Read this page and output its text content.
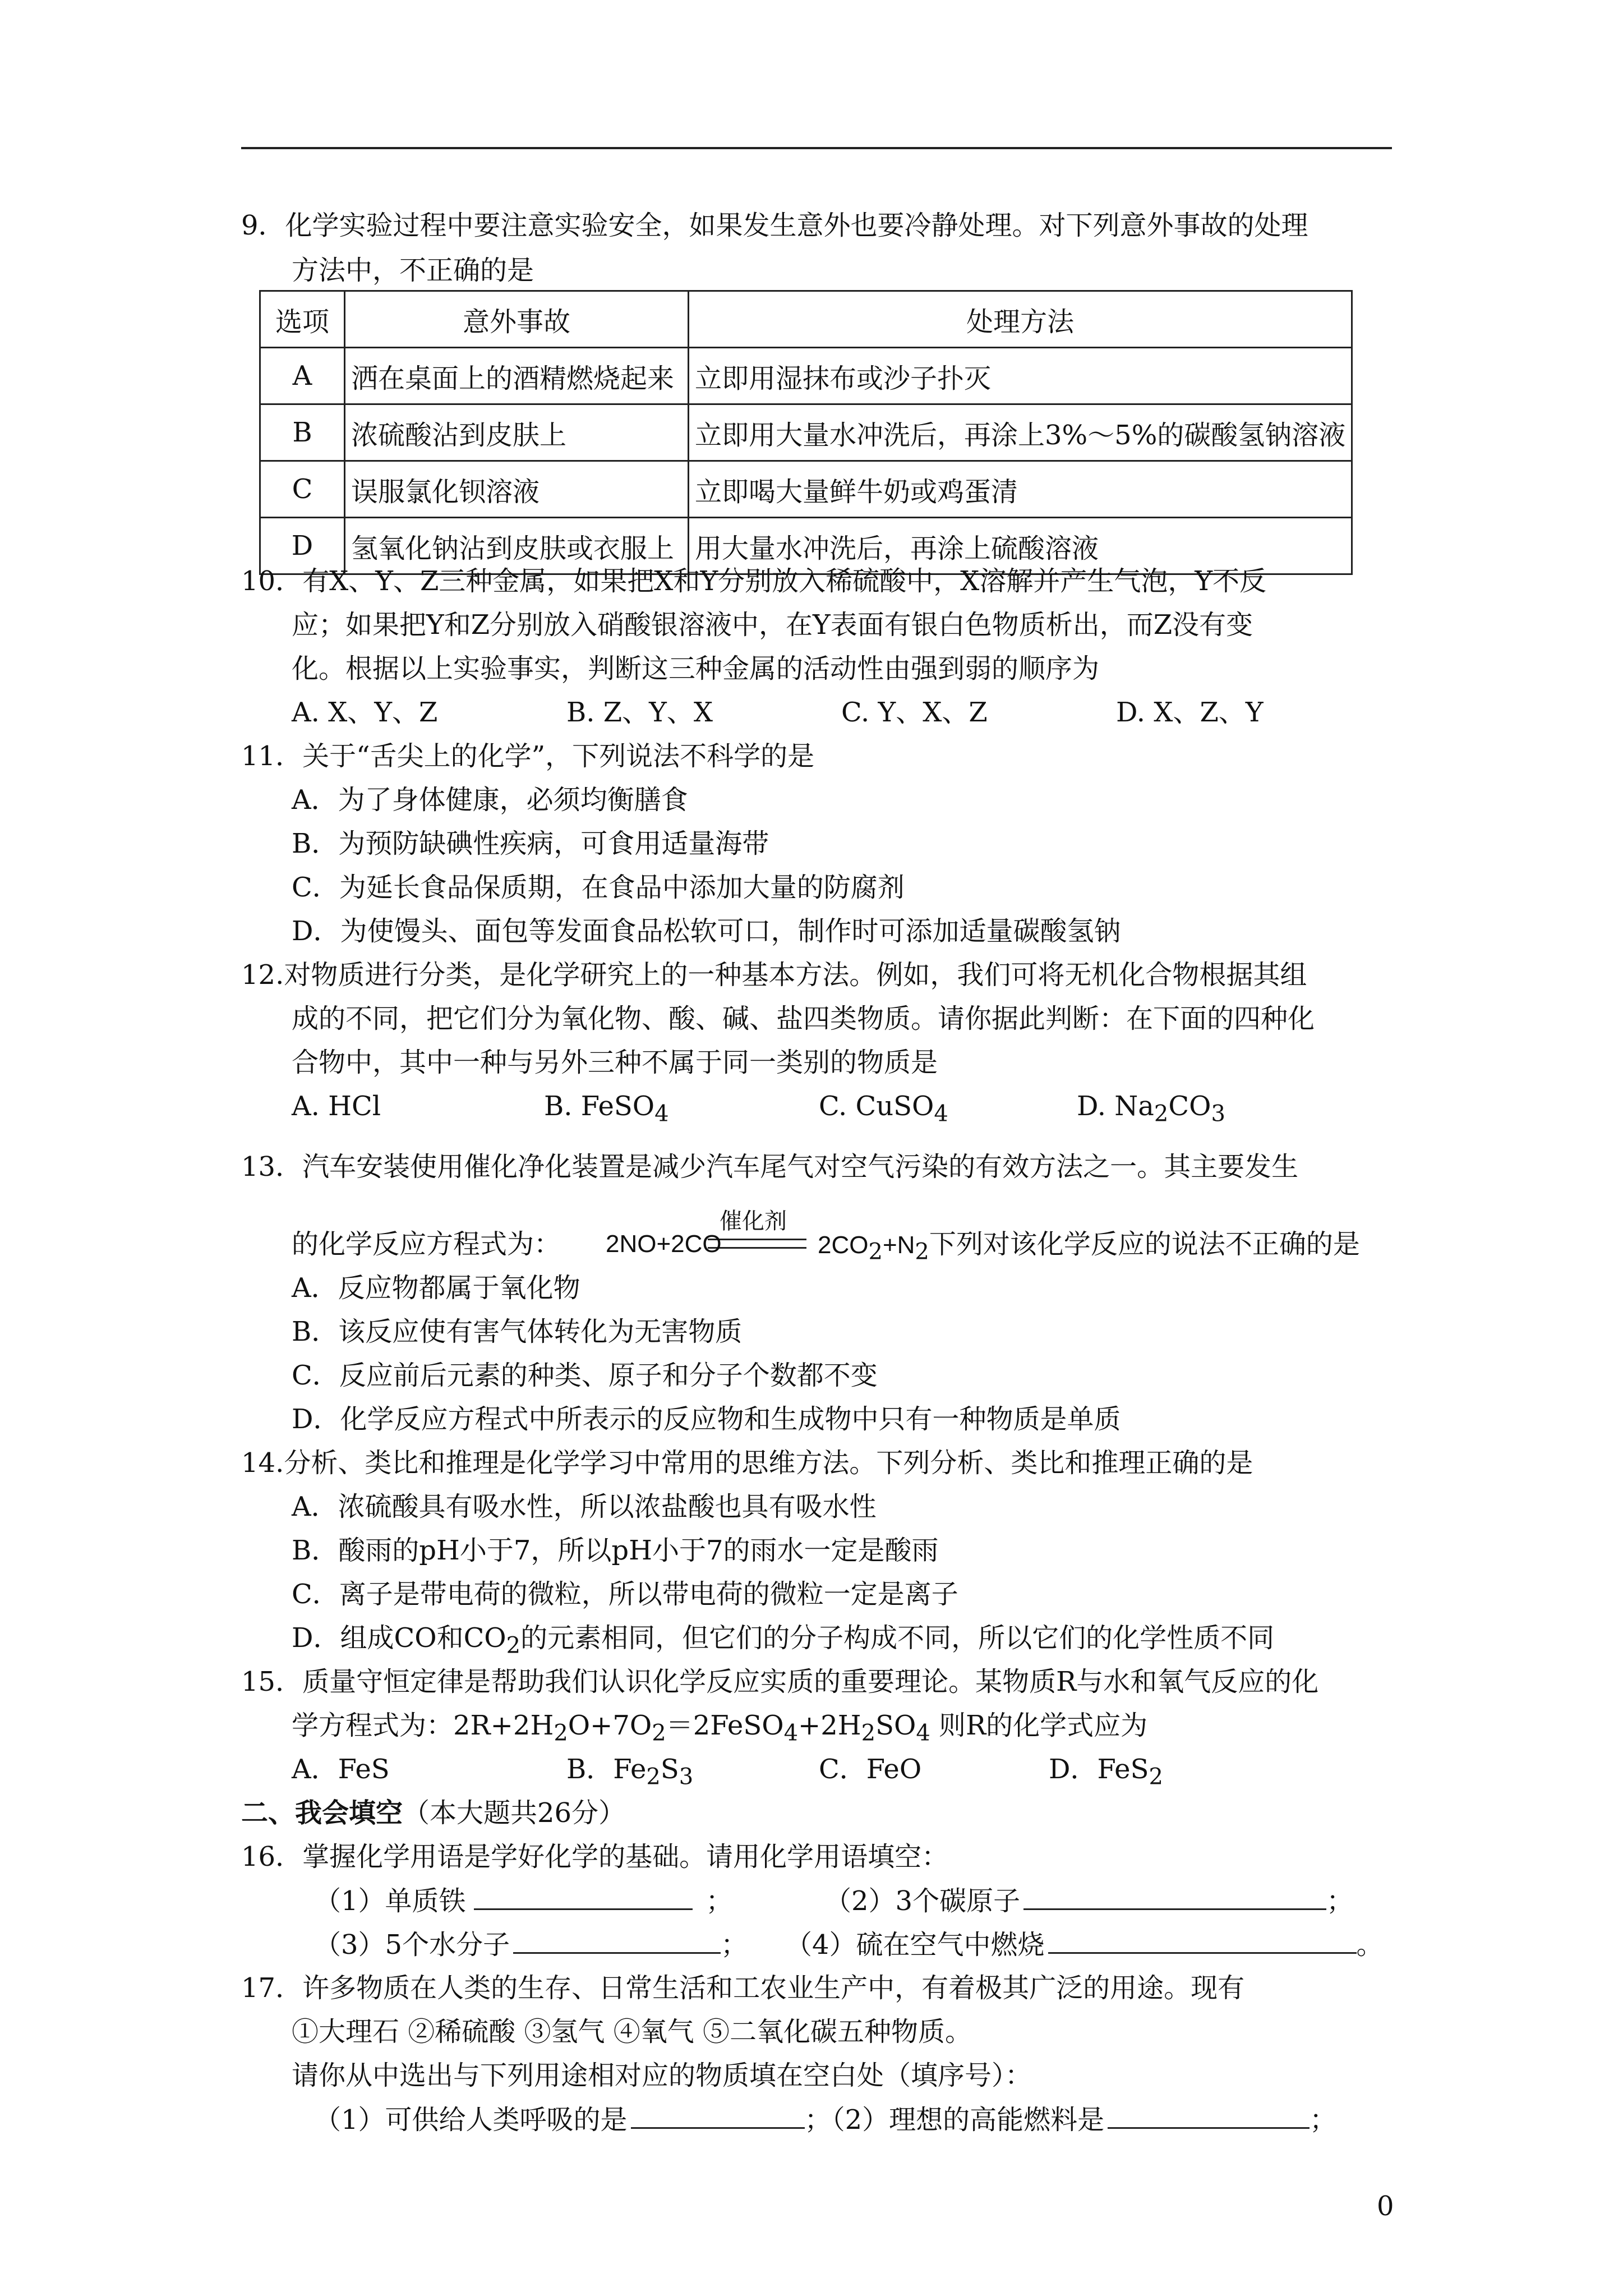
9．化学实验过程中要注意实验安全，如果发生意外也要冷静处理。对下列意外事故的处理
方法中，不正确的是
选项	意外事故	处理方法
A	洒在桌面上的酒精燃烧起来	立即用湿抹布或沙子扑灭
B	浓硫酸沾到皮肤上	立即用大量水冲洗后，再涂上3%～5%的碳酸氢钠溶液
C	误服氯化钡溶液	立即喝大量鲜牛奶或鸡蛋清
D	氢氧化钠沾到皮肤或衣服上	用大量水冲洗后，再涂上硫酸溶液
10．有X、Y、Z三种金属，如果把X和Y分别放入稀硫酸中，X溶解并产生气泡，Y不反
应；如果把Y和Z分别放入硝酸银溶液中，在Y表面有银白色物质析出，而Z没有变
化。根据以上实验事实，判断这三种金属的活动性由强到弱的顺序为
A. X、Y、Z	B. Z、Y、X	C. Y、X、Z	D. X、Z、Y
11．关于“舌尖上的化学”，下列说法不科学的是
A．为了身体健康，必须均衡膳食
B．为预防缺碘性疾病，可食用适量海带
C．为延长食品保质期，在食品中添加大量的防腐剂
D．为使馒头、面包等发面食品松软可口，制作时可添加适量碳酸氢钠
12.对物质进行分类，是化学研究上的一种基本方法。例如，我们可将无机化合物根据其组
成的不同，把它们分为氧化物、酸、碱、盐四类物质。请你据此判断：在下面的四种化
合物中，其中一种与另外三种不属于同一类别的物质是
A. HCl	B. FeSO$_4$	C. CuSO$_4$	D. $Na_2CO_3$
13．汽车安装使用催化净化装置是减少汽车尾气对空气污染的有效方法之一。其主要发生
催化剂
的化学反应方程式为： 2NO+2CO	$2CO_2+N_2$下列对该化学反应的说法不正确的是
A．反应物都属于氧化物
B．该反应使有害气体转化为无害物质
C．反应前后元素的种类、原子和分子个数都不变
D．化学反应方程式中所表示的反应物和生成物中只有一种物质是单质
14.分析、类比和推理是化学学习中常用的思维方法。下列分析、类比和推理正确的是
A．浓硫酸具有吸水性，所以浓盐酸也具有吸水性
B．酸雨的pH小于7，所以pH小于7的雨水一定是酸雨
C．离子是带电荷的微粒，所以带电荷的微粒一定是离子
D．组成CO和$CO_2$的元素相同，但它们的分子构成不同，所以它们的化学性质不同
15．质量守恒定律是帮助我们认识化学反应实质的重要理论。某物质R与水和氧气反应的化
学方程式为：$2R+2H_2O+7O_2=2FeSO_4+2H_2SO_4$ 则R的化学式应为
A．FeS	B．$Fe_2S_3$	C．FeO	D．FeS$_2$
二、我会填空（本大题共26分）
16．掌握化学用语是学好化学的基础。请用化学用语填空：
（1）单质铁	；	（2）3个碳原子	；
（3）5个水分子	； （4）硫在空气中燃烧	。
17．许多物质在人类的生存、日常生活和工农业生产中，有着极其广泛的用途。现有
①大理石 ②稀硫酸 ③氢气 ④氧气 ⑤二氧化碳五种物质。
请你从中选出与下列用途相对应的物质填在空白处（填序号）：
（1）可供给人类呼吸的是	；（2）理想的高能燃料是	；
0
